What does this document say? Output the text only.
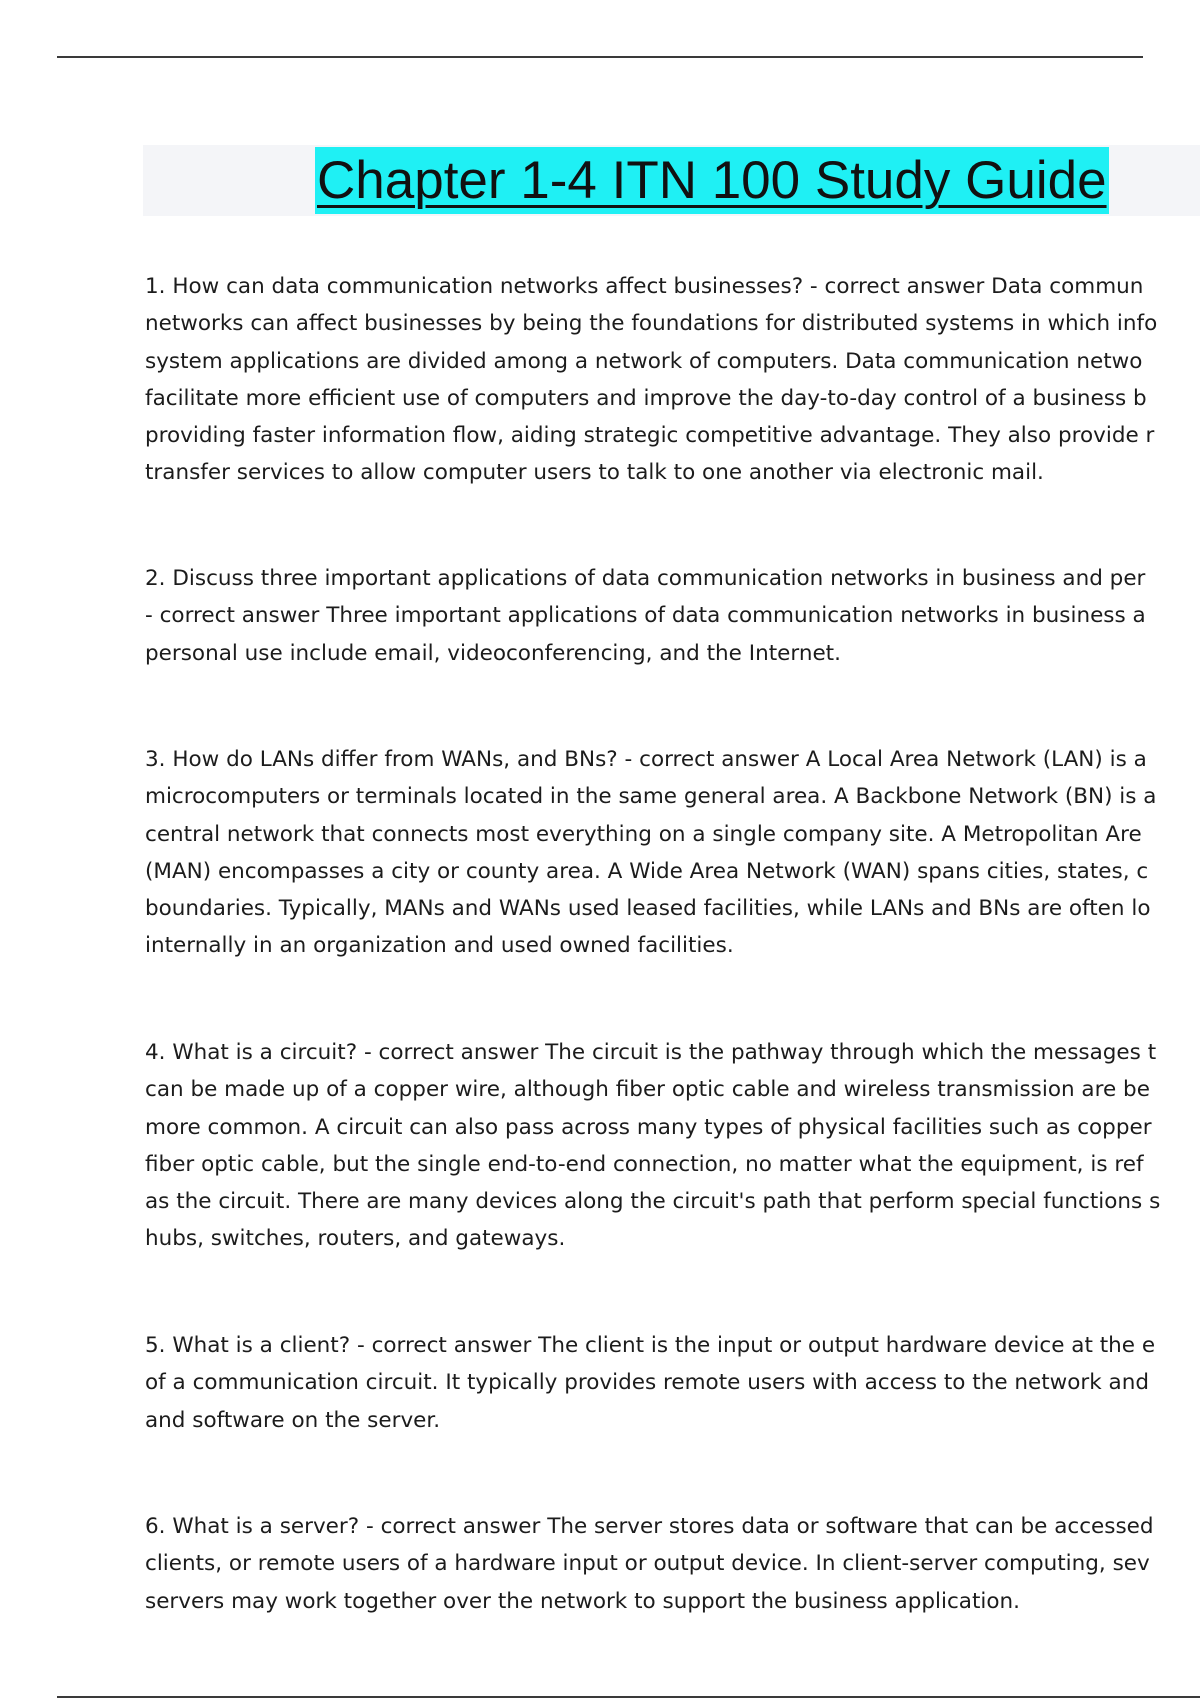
Chapter 1-4 ITN 100 Study Guide

1. How can data communication networks affect businesses? - correct answer Data commun
networks can affect businesses by being the foundations for distributed systems in which info
system applications are divided among a network of computers. Data communication netwo
facilitate more efficient use of computers and improve the day-to-day control of a business b
providing faster information flow, aiding strategic competitive advantage. They also provide r
transfer services to allow computer users to talk to one another via electronic mail.

2. Discuss three important applications of data communication networks in business and per
- correct answer Three important applications of data communication networks in business a
personal use include email, videoconferencing, and the Internet.

3. How do LANs differ from WANs, and BNs? - correct answer A Local Area Network (LAN) is a
microcomputers or terminals located in the same general area. A Backbone Network (BN) is a
central network that connects most everything on a single company site. A Metropolitan Are
(MAN) encompasses a city or county area. A Wide Area Network (WAN) spans cities, states, c
boundaries. Typically, MANs and WANs used leased facilities, while LANs and BNs are often lo
internally in an organization and used owned facilities.

4. What is a circuit? - correct answer The circuit is the pathway through which the messages t
can be made up of a copper wire, although fiber optic cable and wireless transmission are be
more common. A circuit can also pass across many types of physical facilities such as copper
fiber optic cable, but the single end-to-end connection, no matter what the equipment, is ref
as the circuit. There are many devices along the circuit's path that perform special functions s
hubs, switches, routers, and gateways.

5. What is a client? - correct answer The client is the input or output hardware device at the e
of a communication circuit. It typically provides remote users with access to the network and
and software on the server.

6. What is a server? - correct answer The server stores data or software that can be accessed
clients, or remote users of a hardware input or output device. In client-server computing, sev
servers may work together over the network to support the business application.
